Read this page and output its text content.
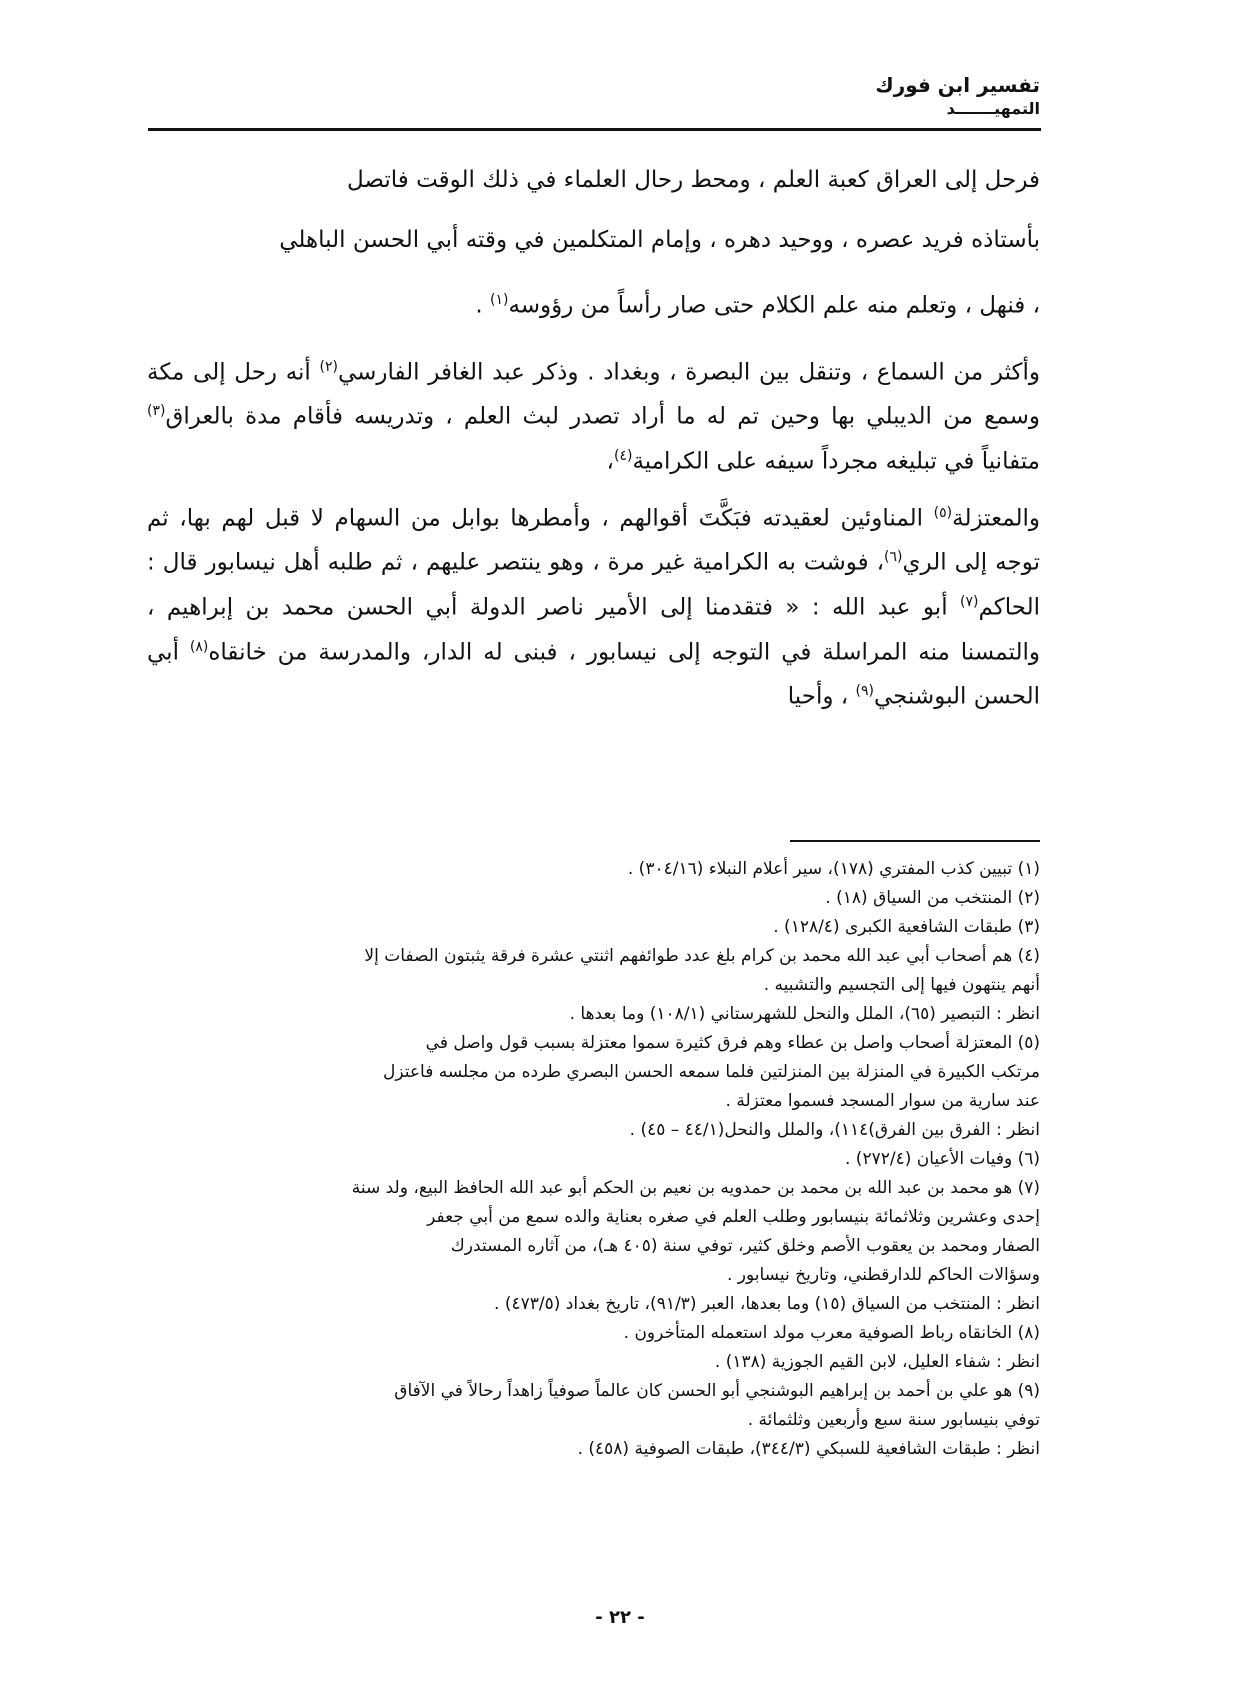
تفسير ابن فورك
التمهيـــــــد

فرحل إلى العراق كعبة العلم ، ومحط رحال العلماء في ذلك الوقت فاتصل
بأستاذه فريد عصره ، ووحيد دهره ، وإمام المتكلمين في وقته أبي الحسن الباهلي
، فنهل ، وتعلم منه علم الكلام حتى صار رأساً من رؤوسه$^{(١)}$ .

وأكثر من السماع ، وتنقل بين البصرة ، وبغداد . وذكر عبد الغافر الفارسي$^{(٢)}$ أنه رحل إلى مكة وسمع من الديبلي بها وحين تم له ما أراد تصدر لبث العلم ، وتدريسه فأقام مدة بالعراق$^{(٣)}$ متفانياً في تبليغه مجرداً سيفه على الكرامية$^{(٤)}$،

والمعتزلة$^{(٥)}$ المناوئين لعقيدته فبَكَّتَ أقوالهم ، وأمطرها بوابل من السهام لا قبل لهم بها، ثم توجه إلى الري$^{(٦)}$، فوشت به الكرامية غير مرة ، وهو ينتصر عليهم ، ثم طلبه أهل نيسابور قال : الحاكم$^{(٧)}$ أبو عبد الله : « فتقدمنا إلى الأمير ناصر الدولة أبي الحسن محمد بن إبراهيم ، والتمسنا منه المراسلة في التوجه إلى نيسابور ، فبنى له الدار، والمدرسة من خانقاه$^{(٨)}$ أبي الحسن البوشنجي$^{(٩)}$ ، وأحيا

(١) تبيين كذب المفتري (١٧٨)، سير أعلام النبلاء (٣٠٤/١٦) .

(٢) المنتخب من السياق (١٨) .

(٣) طبقات الشافعية الكبرى (١٢٨/٤) .

(٤) هم أصحاب أبي عبد الله محمد بن كرام بلغ عدد طوائفهم اثنتي عشرة فرقة يثبتون الصفات إلا

أنهم ينتهون فيها إلى التجسيم والتشبيه .

انظر : التبصير (٦٥)، الملل والنحل للشهرستاني (١٠٨/١) وما بعدها .

(٥) المعتزلة أصحاب واصل بن عطاء وهم فرق كثيرة سموا معتزلة بسبب قول واصل في

مرتكب الكبيرة في المنزلة بين المنزلتين فلما سمعه الحسن البصري طرده من مجلسه فاعتزل

عند سارية من سوار المسجد فسموا معتزلة .

انظر : الفرق بين الفرق)١١٤)، والملل والنحل(٤٤/١ – ٤٥) .

(٦) وفيات الأعيان (٢٧٢/٤) .

(٧) هو محمد بن عبد الله بن محمد بن حمدويه بن نعيم بن الحكم أبو عبد الله الحافظ البيع، ولد سنة

إحدى وعشرين وثلاثمائة بنيسابور وطلب العلم في صغره بعناية والده سمع من أبي جعفر

الصفار ومحمد بن يعقوب الأصم وخلق كثير، توفي سنة (٤٠٥ هـ)، من آثاره المستدرك

وسؤالات الحاكم للدارقطني، وتاريخ نيسابور .

انظر : المنتخب من السياق (١٥) وما بعدها، العبر (٩١/٣)، تاريخ بغداد (٤٧٣/٥) .

(٨) الخانقاه رباط الصوفية معرب مولد استعمله المتأخرون .

انظر : شفاء العليل، لابن القيم الجوزية (١٣٨) .

(٩) هو علي بن أحمد بن إبراهيم البوشنجي أبو الحسن كان عالماً صوفياً زاهداً رحالاً في الآفاق

توفي بنيسابور سنة سبع وأربعين وثلثمائة .

انظر : طبقات الشافعية للسبكي (٣٤٤/٣)، طبقات الصوفية (٤٥٨) .

- ٢٢ -
